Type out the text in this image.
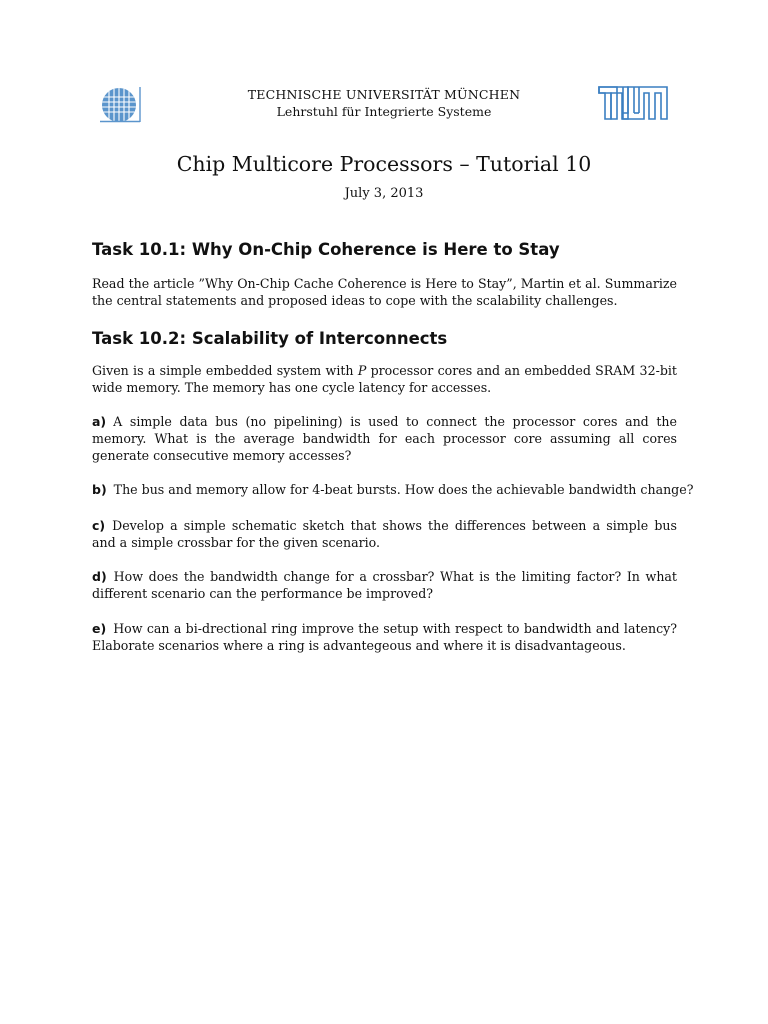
TECHNISCHE UNIVERSITÄT MÜNCHEN
Lehrstuhl für Integrierte Systeme
Chip Multicore Processors – Tutorial 10
July 3, 2013
Task 10.1: Why On-Chip Coherence is Here to Stay

Read the article ”Why On-Chip Cache Coherence is Here to Stay”, Martin et al. Summarize the central statements and proposed ideas to cope with the scalability challenges.

Task 10.2: Scalability of Interconnects

Given is a simple embedded system with P processor cores and an embedded SRAM 32-bit wide memory. The memory has one cycle latency for accesses.

a) A simple data bus (no pipelining) is used to connect the processor cores and the memory. What is the average bandwidth for each processor core assuming all cores generate consecutive memory accesses?

b) The bus and memory allow for 4-beat bursts. How does the achievable bandwidth change?

c) Develop a simple schematic sketch that shows the differences between a simple bus and a simple crossbar for the given scenario.

d) How does the bandwidth change for a crossbar? What is the limiting factor? In what different scenario can the performance be improved?

e) How can a bi-drectional ring improve the setup with respect to bandwidth and latency? Elaborate scenarios where a ring is advantegeous and where it is disadvantageous.
